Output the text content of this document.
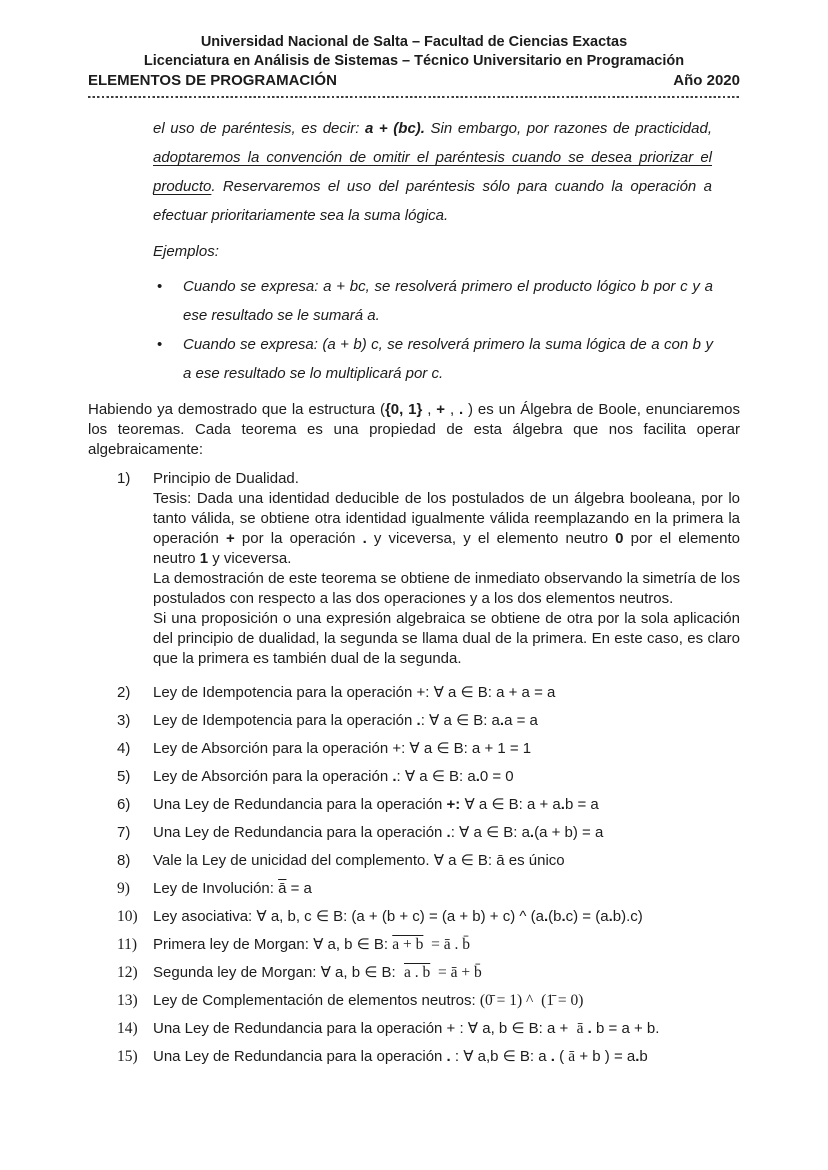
Universidad Nacional de Salta – Facultad de Ciencias Exactas
Licenciatura en Análisis de Sistemas – Técnico Universitario en Programación
ELEMENTOS DE PROGRAMACIÓN	Año 2020

el uso de paréntesis, es decir: a + (bc). Sin embargo, por razones de practicidad, adoptaremos la convención de omitir el paréntesis cuando se desea priorizar el producto. Reservaremos el uso del paréntesis sólo para cuando la operación a efectuar prioritariamente sea la suma lógica.

Ejemplos:

• Cuando se expresa: a + bc, se resolverá primero el producto lógico b por c y a ese resultado se le sumará a.
• Cuando se expresa: (a + b) c, se resolverá primero la suma lógica de a con b y a ese resultado se lo multiplicará por c.

Habiendo ya demostrado que la estructura ({0, 1} , + , . ) es un Álgebra de Boole, enunciaremos los teoremas. Cada teorema es una propiedad de esta álgebra que nos facilita operar algebraicamente:

1)	Principio de Dualidad.
Tesis: Dada una identidad deducible de los postulados de un álgebra booleana, por lo tanto válida, se obtiene otra identidad igualmente válida reemplazando en la primera la operación + por la operación . y viceversa, y el elemento neutro 0 por el elemento neutro 1 y viceversa.
La demostración de este teorema se obtiene de inmediato observando la simetría de los postulados con respecto a las dos operaciones y a los dos elementos neutros.
Si una proposición o una expresión algebraica se obtiene de otra por la sola aplicación del principio de dualidad, la segunda se llama dual de la primera. En este caso, es claro que la primera es también dual de la segunda.
2)	Ley de Idempotencia para la operación +: ∀ a ∈ B: a + a = a
3)	Ley de Idempotencia para la operación .: ∀ a ∈ B: a.a = a
4)	Ley de Absorción para la operación +: ∀ a ∈ B: a + 1 = 1
5)	Ley de Absorción para la operación .: ∀ a ∈ B: a.0 = 0
6)	Una Ley de Redundancia para la operación +: ∀ a ∈ B: a + a.b = a
7)	Una Ley de Redundancia para la operación .: ∀ a ∈ B: a.(a + b) = a
8)	Vale la Ley de unicidad del complemento. ∀ a ∈ B: ā es único
9)	Ley de Involución: $\overline{ā} = a$
10)	Ley asociativa: ∀ a, b, c ∈ B: (a + (b + c) = (a + b) + c) ^ (a.(b.c) = (a.b).c)
11)	Primera ley de Morgan: ∀ a, b ∈ B: a + b  = ā . b̄
12)	Segunda ley de Morgan: ∀ a, b ∈ B:  a . b  = ā + b̄
13)	Ley de Complementación de elementos neutros: (0̄ = 1) ^  (1̄ = 0)
14)	Una Ley de Redundancia para la operación + : ∀ a, b ∈ B: a +  ā . b = a + b.
15)	Una Ley de Redundancia para la operación . : ∀ a,b ∈ B: a . ( ā + b ) = a.b
